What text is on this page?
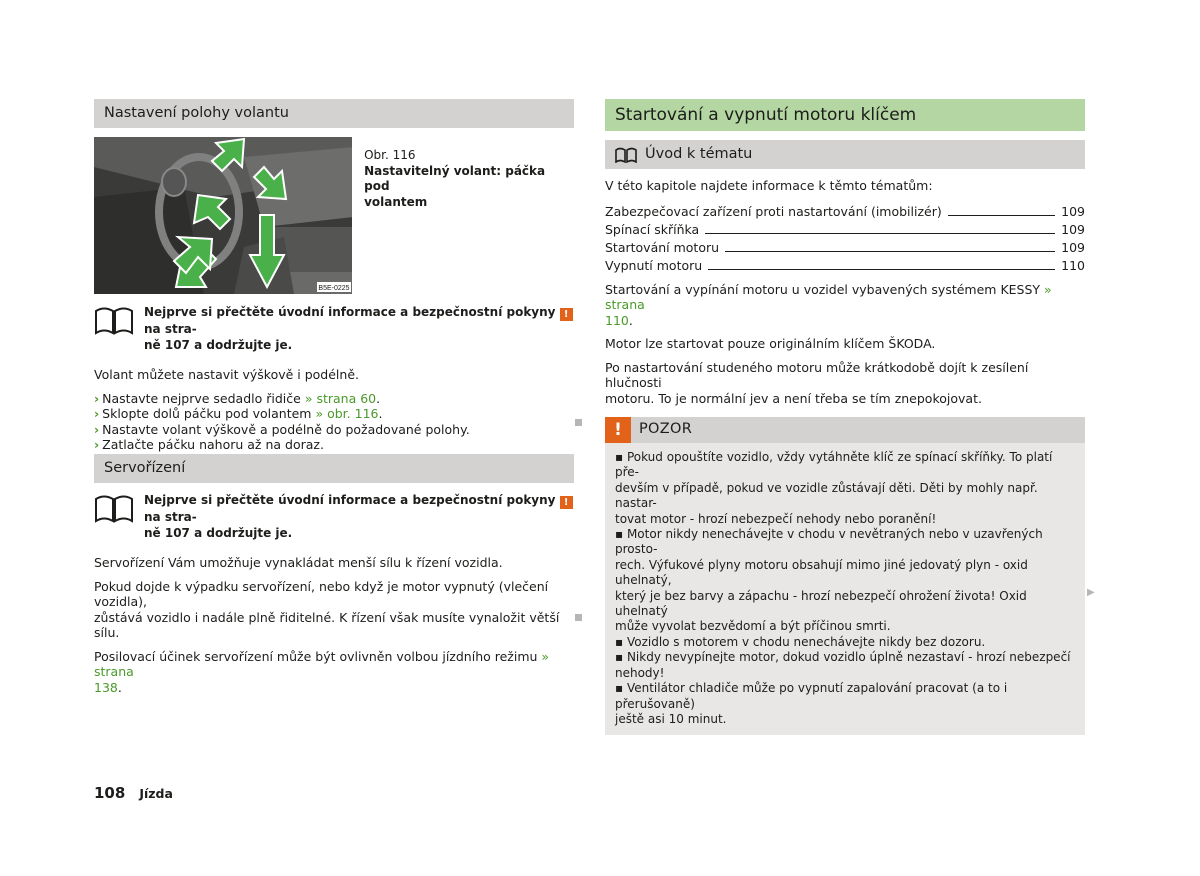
Nastavení polohy volantu
B5E-0225
Obr. 116
Nastavitelný volant: páčka pod
volantem
Nejprve si přečtěte úvodní informace a bezpečnostní pokyny ! na stra-
ně 107 a dodržujte je.

Volant můžete nastavit výškově i podélně.

› Nastavte nejprve sedadlo řidiče » strana 60.
› Sklopte dolů páčku pod volantem » obr. 116.
› Nastavte volant výškově a podélně do požadované polohy.
› Zatlačte páčku nahoru až na doraz.
Servořízení
Nejprve si přečtěte úvodní informace a bezpečnostní pokyny ! na stra-
ně 107 a dodržujte je.

Servořízení Vám umožňuje vynakládat menší sílu k řízení vozidla.

Pokud dojde k výpadku servořízení, nebo když je motor vypnutý (vlečení vozidla),
zůstává vozidlo i nadále plně řiditelné. K řízení však musíte vynaložit větší sílu.

Posilovací účinek servořízení může být ovlivněn volbou jízdního režimu » strana
138.

Startování a vypnutí motoru klíčem
Úvod k tématu

V této kapitole najdete informace k těmto tématům:

Zabezpečovací zařízení proti nastartování (imobilizér)	109
Spínací skříňka	109
Startování motoru	109
Vypnutí motoru	110

Startování a vypínání motoru u vozidel vybavených systémem KESSY » strana
110.

Motor lze startovat pouze originálním klíčem ŠKODA.

Po nastartování studeného motoru může krátkodobě dojít k zesílení hlučnosti
motoru. To je normální jev a není třeba se tím znepokojovat.

!	POZOR
▪ Pokud opouštíte vozidlo, vždy vytáhněte klíč ze spínací skříňky. To platí pře-
devším v případě, pokud ve vozidle zůstávají děti. Děti by mohly např. nastar-
tovat motor - hrozí nebezpečí nehody nebo poranění!
▪ Motor nikdy nenechávejte v chodu v nevětraných nebo v uzavřených prosto-
rech. Výfukové plyny motoru obsahují mimo jiné jedovatý plyn - oxid uhelnatý,
který je bez barvy a zápachu - hrozí nebezpečí ohrožení života! Oxid uhelnatý
může vyvolat bezvědomí a být příčinou smrti.
▪ Vozidlo s motorem v chodu nenechávejte nikdy bez dozoru.
▪ Nikdy nevypínejte motor, dokud vozidlo úplně nezastaví - hrozí nebezpečí
nehody!
▪ Ventilátor chladiče může po vypnutí zapalování pracovat (a to i přerušovaně)
ještě asi 10 minut.
▶
108 Jízda
